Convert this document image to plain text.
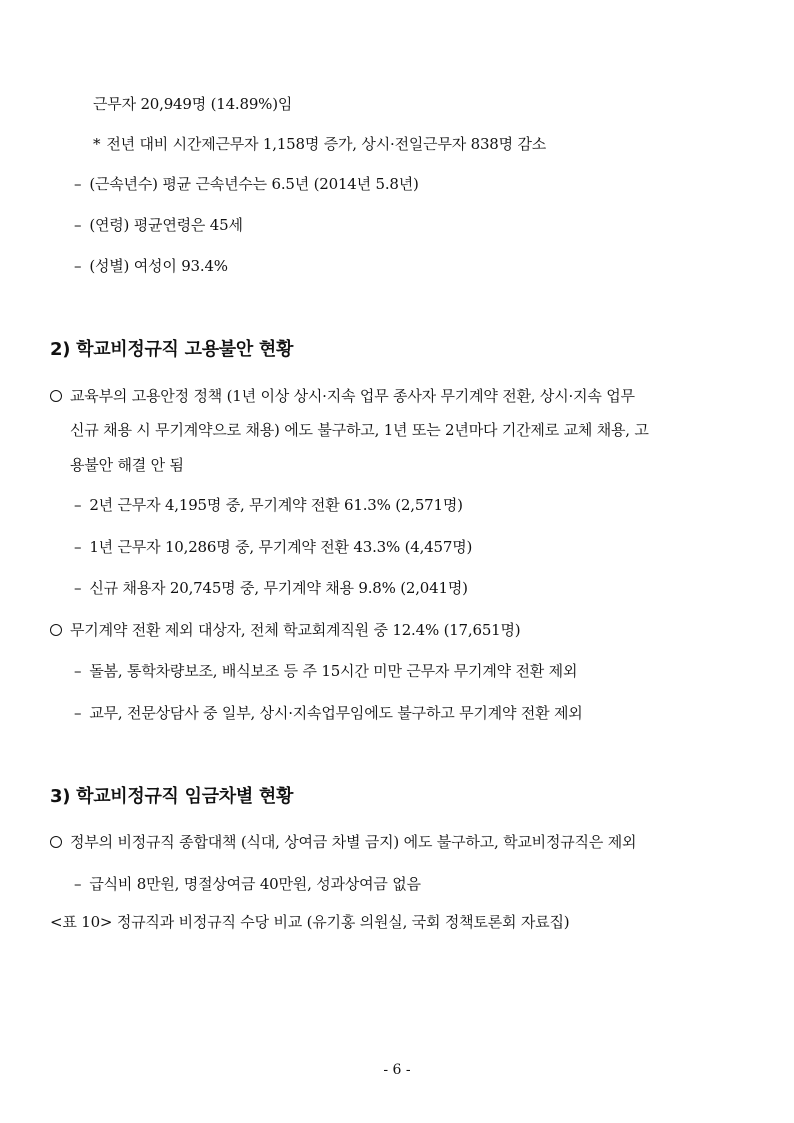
근무자 20,949명 (14.89%)임
* 전년 대비 시간제근무자 1,158명 증가, 상시·전일근무자 838명 감소
– (근속년수) 평균 근속년수는 6.5년 (2014년 5.8년)
– (연령) 평균연령은 45세
– (성별) 여성이 93.4%
2) 학교비정규직 고용불안 현황
교육부의 고용안정 정책 (1년 이상 상시·지속 업무 종사자 무기계약 전환, 상시·지속 업무
신규 채용 시 무기계약으로 채용) 에도 불구하고, 1년 또는 2년마다 기간제로 교체 채용, 고
용불안 해결 안 됨
– 2년 근무자 4,195명 중, 무기계약 전환 61.3% (2,571명)
– 1년 근무자 10,286명 중, 무기계약 전환 43.3% (4,457명)
– 신규 채용자 20,745명 중, 무기계약 채용 9.8% (2,041명)
무기계약 전환 제외 대상자, 전체 학교회계직원 중 12.4% (17,651명)
– 돌봄, 통학차량보조, 배식보조 등 주 15시간 미만 근무자 무기계약 전환 제외
– 교무, 전문상담사 중 일부, 상시·지속업무임에도 불구하고 무기계약 전환 제외
3) 학교비정규직 임금차별 현황
정부의 비정규직 종합대책 (식대, 상여금 차별 금지) 에도 불구하고, 학교비정규직은 제외
– 급식비 8만원, 명절상여금 40만원, 성과상여금 없음
<표 10> 정규직과 비정규직 수당 비교 (유기홍 의원실, 국회 정책토론회 자료집)
- 6 -
